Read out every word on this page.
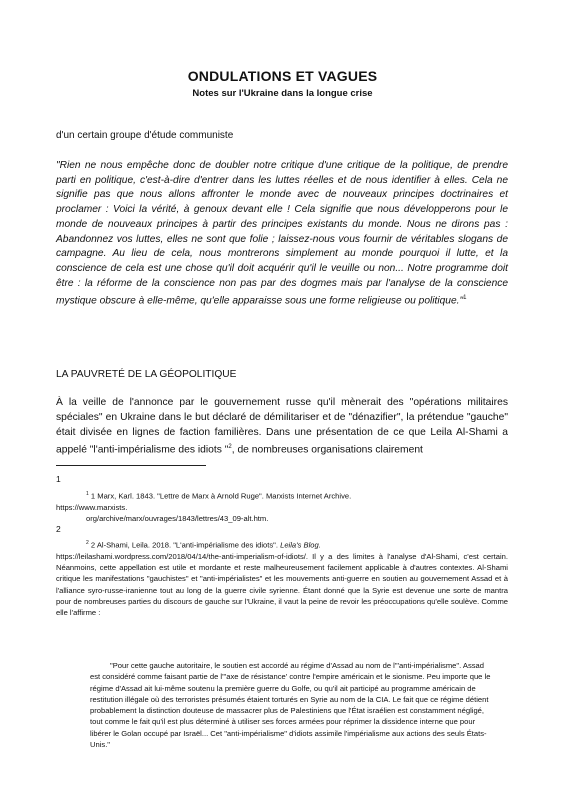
ONDULATIONS ET VAGUES
Notes sur l'Ukraine dans la longue crise
d'un certain groupe d'étude communiste

"Rien ne nous empêche donc de doubler notre critique d'une critique de la politique, de prendre parti en politique, c'est-à-dire d'entrer dans les luttes réelles et de nous identifier à elles. Cela ne signifie pas que nous allons affronter le monde avec de nouveaux principes doctrinaires et proclamer : Voici la vérité, à genoux devant elle ! Cela signifie que nous développerons pour le monde de nouveaux principes à partir des principes existants du monde. Nous ne dirons pas : Abandonnez vos luttes, elles ne sont que folie ; laissez-nous vous fournir de véritables slogans de campagne. Au lieu de cela, nous montrerons simplement au monde pourquoi il lutte, et la conscience de cela est une chose qu'il doit acquérir qu'il le veuille ou non... Notre programme doit être : la réforme de la conscience non pas par des dogmes mais par l'analyse de la conscience mystique obscure à elle-même, qu'elle apparaisse sous une forme religieuse ou politique."$^1$

LA PAUVRETÉ DE LA GÉOPOLITIQUE

À la veille de l'annonce par le gouvernement russe qu'il mènerait des "opérations militaires spéciales" en Ukraine dans le but déclaré de démilitariser et de "dénazifier", la prétendue "gauche" était divisée en lignes de faction familières. Dans une présentation de ce que Leila Al-Shami a appelé "l'anti-impérialisme des idiots "$^2$, de nombreuses organisations clairement

1

$^1$ 1 Marx, Karl. 1843. "Lettre de Marx à Arnold Ruge". Marxists Internet Archive.
https://www.marxists.
org/archive/marx/ouvrages/1843/lettres/43_09-alt.htm.

2

$^2$ 2 Al-Shami, Leila. 2018. "L'anti-impérialisme des idiots". Leila's Blog.
https://leilashami.wordpress.com/2018/04/14/the-anti-imperialism-of-idiots/. Il y a des limites à l'analyse d'Al-Shami, c'est certain. Néanmoins, cette appellation est utile et mordante et reste malheureusement facilement applicable à d'autres contextes. Al-Shami critique les manifestations "gauchistes" et "anti-impérialistes" et les mouvements anti-guerre en soutien au gouvernement Assad et à l'alliance syro-russe-iranienne tout au long de la guerre civile syrienne. Étant donné que la Syrie est devenue une sorte de mantra pour de nombreuses parties du discours de gauche sur l'Ukraine, il vaut la peine de revoir les préoccupations qu'elle soulève. Comme elle l'affirme :

"Pour cette gauche autoritaire, le soutien est accordé au régime d'Assad au nom de l'"anti-impérialisme". Assad est considéré comme faisant partie de l'"axe de résistance' contre l'empire américain et le sionisme. Peu importe que le régime d'Assad ait lui-même soutenu la première guerre du Golfe, ou qu'il ait participé au programme américain de restitution illégale où des terroristes présumés étaient torturés en Syrie au nom de la CIA. Le fait que ce régime détient probablement la distinction douteuse de massacrer plus de Palestiniens que l'État israélien est constamment négligé, tout comme le fait qu'il est plus déterminé à utiliser ses forces armées pour réprimer la dissidence interne que pour libérer le Golan occupé par Israël... Cet "anti-impérialisme" d'idiots assimile l'impérialisme aux actions des seuls États-Unis."
